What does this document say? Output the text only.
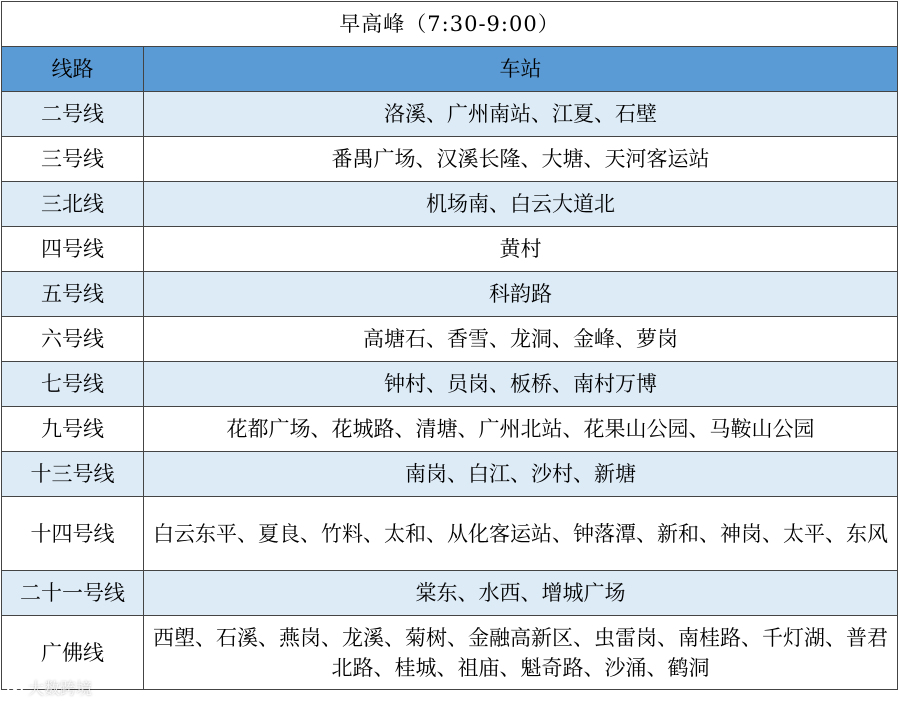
早高峰（7:30-9:00）	
线路	车站
二号线	洛溪、广州南站、江夏、石壁
三号线	番禺广场、汉溪长隆、大塘、天河客运站
三北线	机场南、白云大道北
四号线	黄村
五号线	科韵路
六号线	高塘石、香雪、龙洞、金峰、萝岗
七号线	钟村、员岗、板桥、南村万博
九号线	花都广场、花城路、清塘、广州北站、花果山公园、马鞍山公园
十三号线	南岗、白江、沙村、新塘
十四号线	白云东平、夏良、竹料、太和、从化客运站、钟落潭、新和、神岗、太平、东风
二十一号线	棠东、水西、增城广场
广佛线	西塱、石溪、燕岗、龙溪、菊树、金融高新区、虫雷岗、南桂路、千灯湖、普君北路、桂城、祖庙、魁奇路、沙涌、鹤洞
大数跨境
